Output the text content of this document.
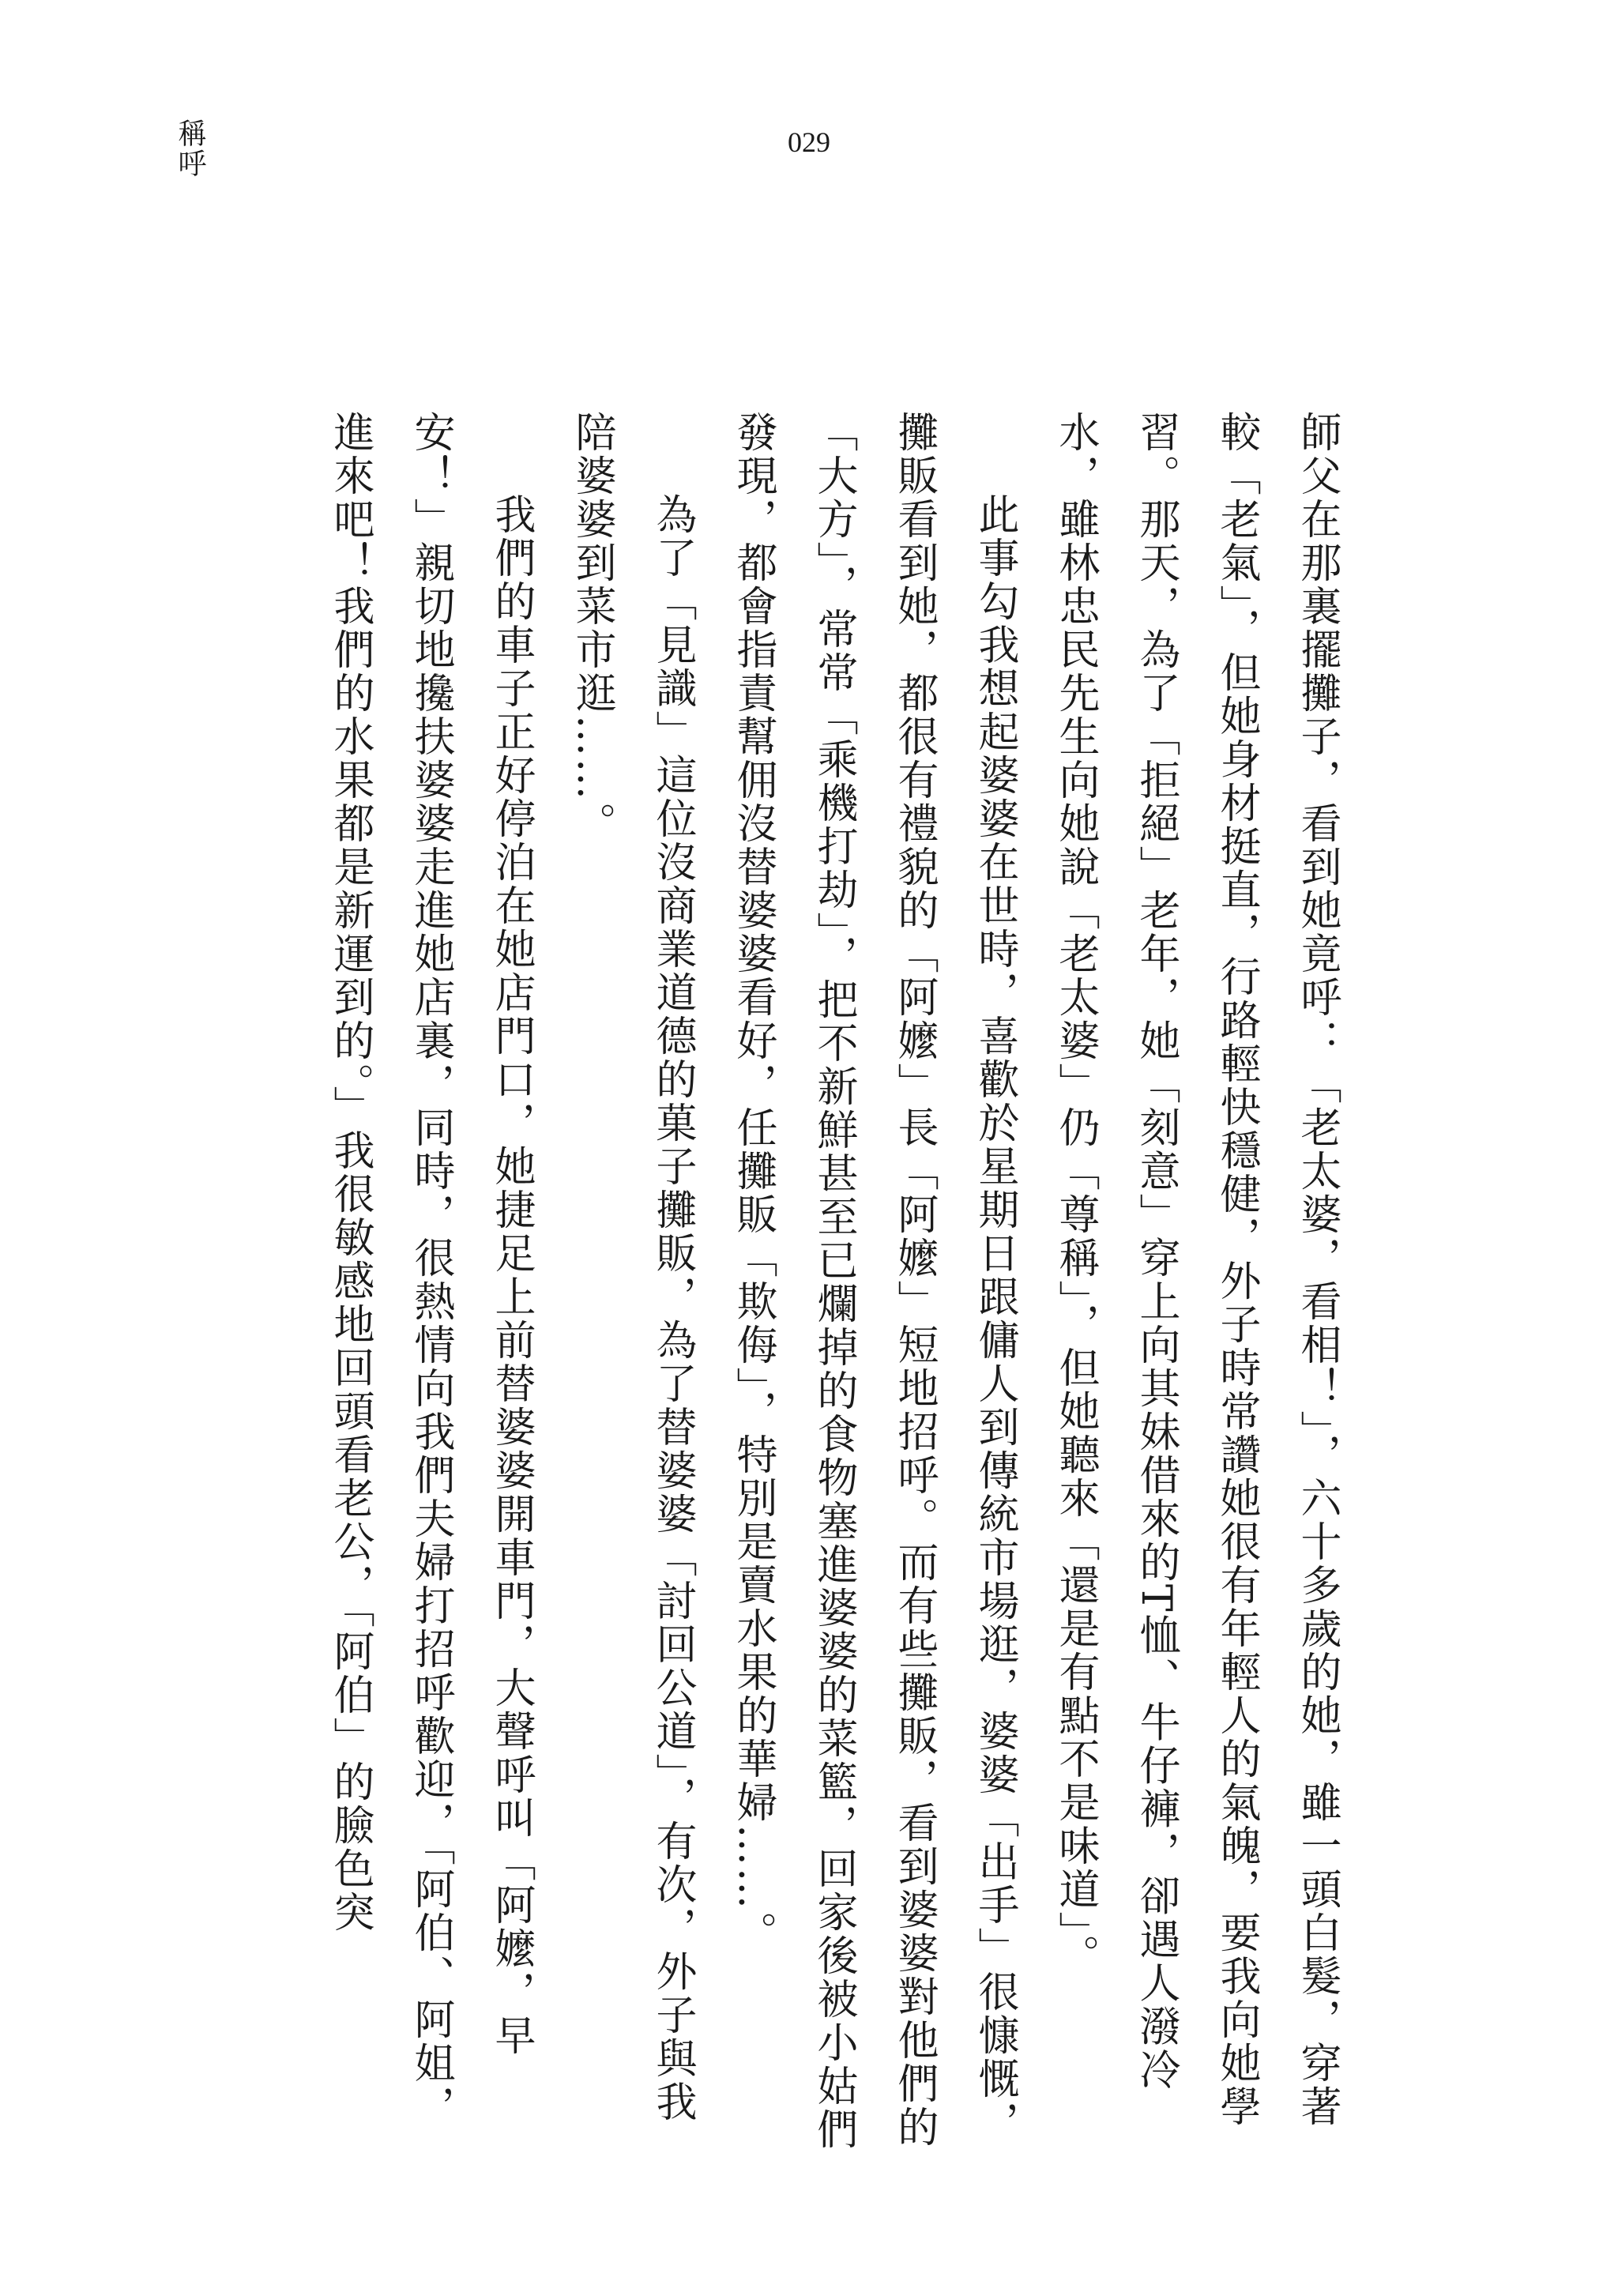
029
稱呼

師父在那裏擺攤子，看到她竟呼：「老太婆，看相！」，六十多歲的她，雖一頭白髮，穿著較「老氣」，但她身材挺直，行路輕快穩健，外子時常讚她很有年輕人的氣魄，要我向她學習。那天，為了「拒絕」老年，她「刻意」穿上向其妹借來的T恤、牛仔褲，卻遇人潑冷水，雖林忠民先生向她說「老太婆」仍「尊稱」，但她聽來「還是有點不是味道」。

此事勾我想起婆婆在世時，喜歡於星期日跟傭人到傳統市場逛，婆婆「出手」很慷慨，攤販看到她，都很有禮貌的「阿嬤」長「阿嬤」短地招呼。而有些攤販，看到婆婆對他們的「大方」，常常「乘機打劫」，把不新鮮甚至已爛掉的食物塞進婆婆的菜籃，回家後被小姑們發現，都會指責幫佣沒替婆婆看好，任攤販「欺侮」，特別是賣水果的華婦……。

為了「見識」這位沒商業道德的菓子攤販，為了替婆婆「討回公道」，有次，外子與我陪婆婆到菜市逛……。

我們的車子正好停泊在她店門口，她捷足上前替婆婆開車門，大聲呼叫「阿嬤，早安！」親切地攙扶婆婆走進她店裏，同時，很熱情向我們夫婦打招呼歡迎，「阿伯、阿姐，進來吧！我們的水果都是新運到的。」我很敏感地回頭看老公，「阿伯」的臉色突
